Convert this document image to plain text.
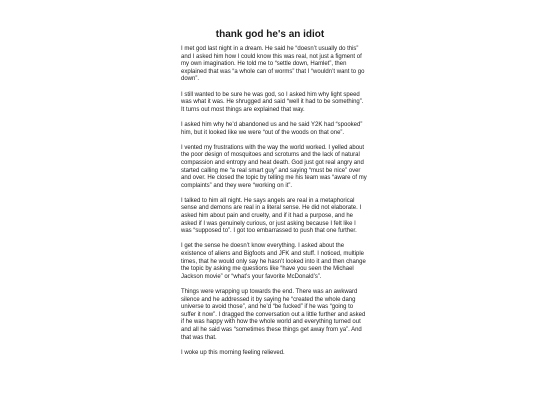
thank god he's an idiot

I met god last night in a dream. He said he “doesn’t usually do this” and I asked him how I could know this was real, not just a figment of my own imagination. He told me to “settle down, Hamlet”, then explained that was “a whole can of worms” that I “wouldn’t want to go down”.

I still wanted to be sure he was god, so I asked him why light speed was what it was. He shrugged and said “well it had to be something”. It turns out most things are explained that way.

I asked him why he’d abandoned us and he said Y2K had “spooked” him, but it looked like we were “out of the woods on that one”.

I vented my frustrations with the way the world worked. I yelled about the poor design of mosquitoes and scrotums and the lack of natural compassion and entropy and heat death. God just got real angry and started calling me “a real smart guy” and saying “must be nice” over and over. He closed the topic by telling me his team was “aware of my complaints” and they were “working on it”.

I talked to him all night. He says angels are real in a metaphorical sense and demons are real in a literal sense. He did not elaborate. I asked him about pain and cruelty, and if it had a purpose, and he asked if I was genuinely curious, or just asking because I felt like I was “supposed to”. I got too embarrassed to push that one further.

I get the sense he doesn’t know everything. I asked about the existence of aliens and Bigfoots and JFK and stuff. I noticed, multiple times, that he would only say he hasn’t looked into it and then change the topic by asking me questions like “have you seen the Michael Jackson movie” or “what’s your favorite McDonald’s”.

Things were wrapping up towards the end. There was an awkward silence and he addressed it by saying he “created the whole dang universe to avoid those”, and he’d “be fucked” if he was “going to suffer it now”. I dragged the conversation out a little further and asked if he was happy with how the whole world and everything turned out and all he said was “sometimes these things get away from ya”. And that was that.

I woke up this morning feeling relieved.
